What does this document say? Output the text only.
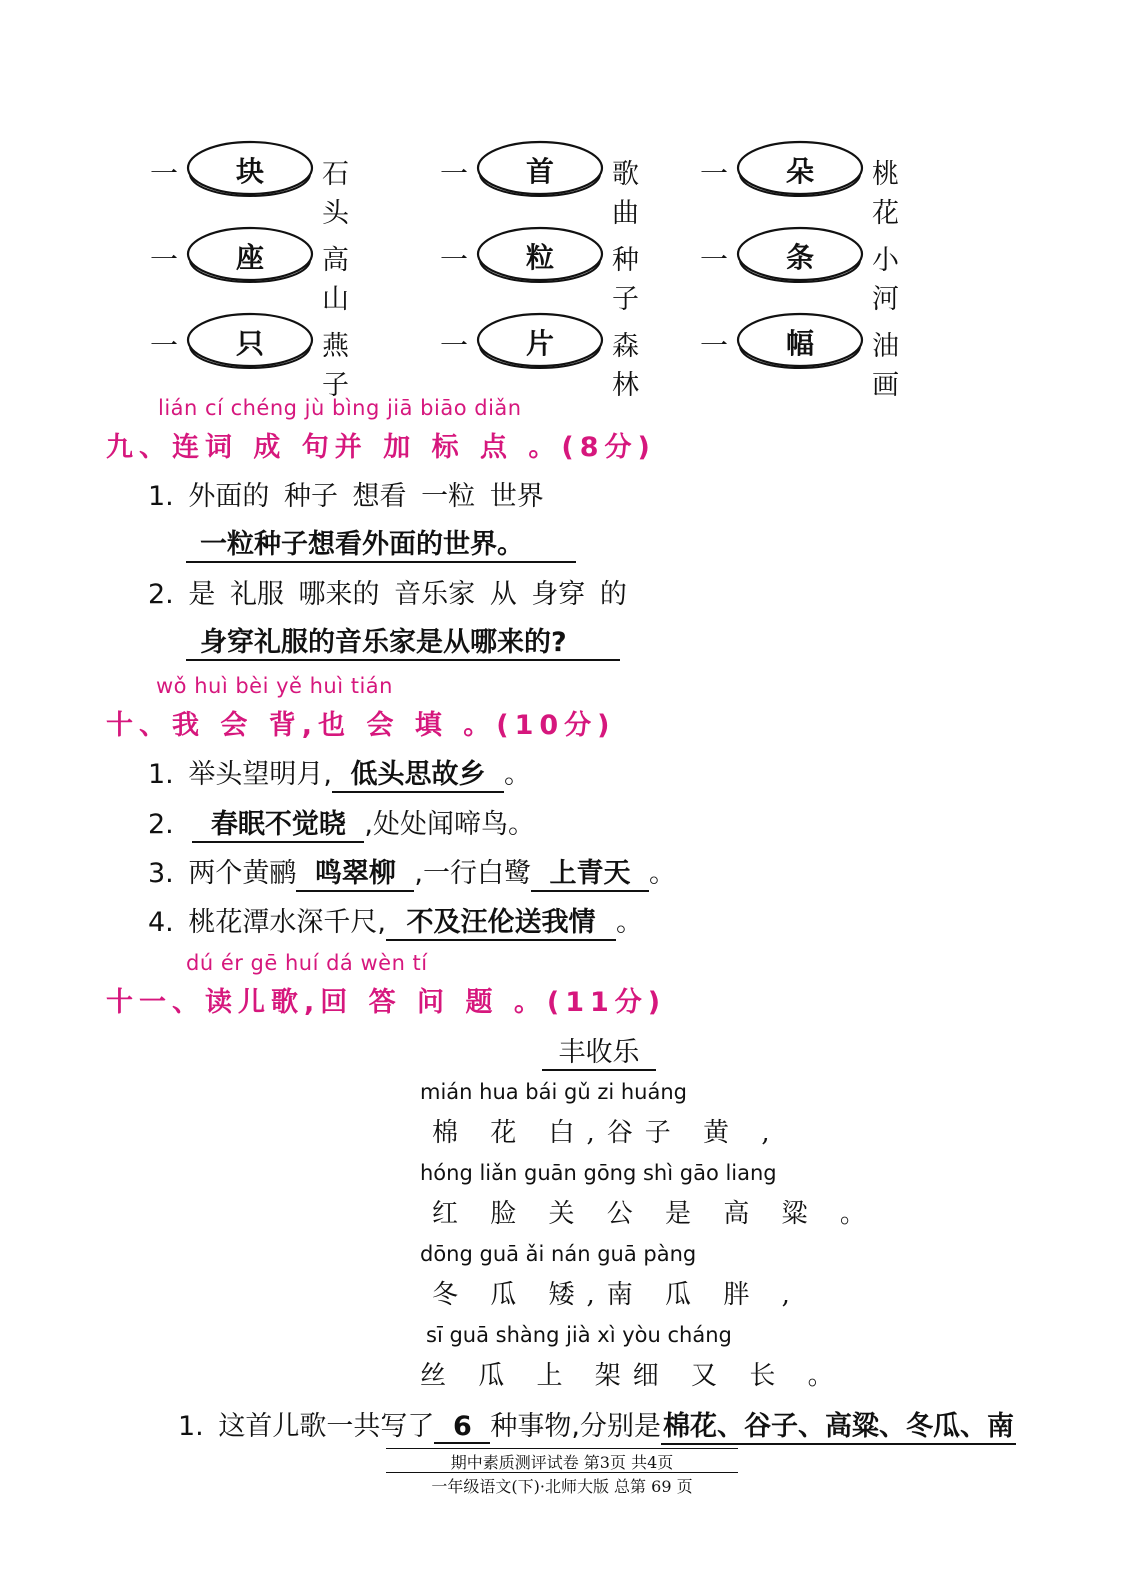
一	块	石头
一	首	歌曲
一	朵	桃花
一	座	高山
一	粒	种子
一	条	小河
一	只	燕子
一	片	森林
一	幅	油画
lián cí chéng jù bìng jiā biāo diǎn
九、连词 成 句并 加 标 点 。(8分)
1. 外面的 种子 想看 一粒 世界
一粒种子想看外面的世界。
2. 是 礼服 哪来的 音乐家 从 身穿 的
身穿礼服的音乐家是从哪来的?
wǒ huì bèi yě huì tián
十、我 会 背,也 会 填 。(10分)
1. 举头望明月, 低头思故乡 。
2. 春眠不觉晓 ,处处闻啼鸟。
3. 两个黄鹂 鸣翠柳 ,一行白鹭 上青天 。
4. 桃花潭水深千尺, 不及汪伦送我情 。
dú ér gē huí dá wèn tí
十一、读儿歌,回 答 问 题 。(11分)
丰收乐
mián hua bái gǔ zi huáng
棉 花 白,谷子 黄 ,
hóng liǎn guān gōng shì gāo liang
红 脸 关 公 是 高 粱 。
dōng guā ǎi nán guā pàng
冬 瓜 矮,南 瓜 胖 ,
sī guā shàng jià xì yòu cháng
丝 瓜 上 架细 又 长 。
1. 这首儿歌一共写了 6 种事物,分别是棉花、谷子、高粱、冬瓜、南
期中素质测评试卷 第3页 共4页
一年级语文(下)·北师大版 总第 69 页
